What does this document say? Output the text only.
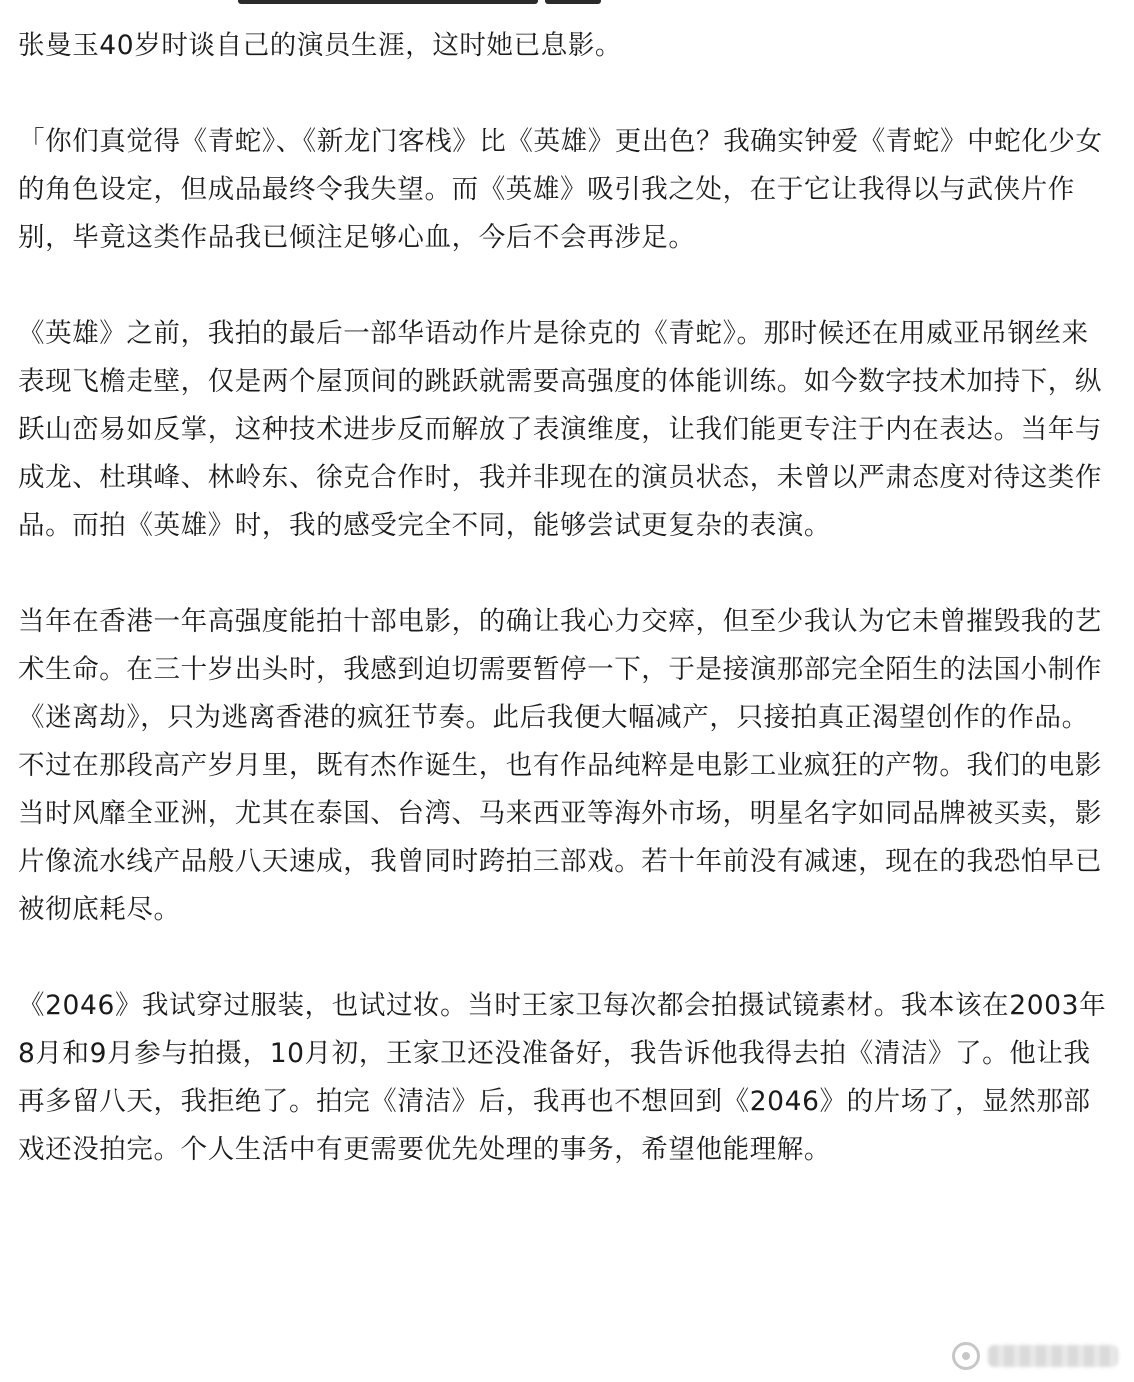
张曼玉40岁时谈自己的演员生涯，这时她已息影。

「你们真觉得《青蛇》、《新龙门客栈》比《英雄》更出色？我确实钟爱《青蛇》中蛇化少女的角色设定，但成品最终令我失望。而《英雄》吸引我之处，在于它让我得以与武侠片作别，毕竟这类作品我已倾注足够心血，今后不会再涉足。

《英雄》之前，我拍的最后一部华语动作片是徐克的《青蛇》。那时候还在用威亚吊钢丝来表现飞檐走壁，仅是两个屋顶间的跳跃就需要高强度的体能训练。如今数字技术加持下，纵跃山峦易如反掌，这种技术进步反而解放了表演维度，让我们能更专注于内在表达。当年与成龙、杜琪峰、林岭东、徐克合作时，我并非现在的演员状态，未曾以严肃态度对待这类作品。而拍《英雄》时，我的感受完全不同，能够尝试更复杂的表演。

当年在香港一年高强度能拍十部电影，的确让我心力交瘁，但至少我认为它未曾摧毁我的艺术生命。在三十岁出头时，我感到迫切需要暂停一下，于是接演那部完全陌生的法国小制作《迷离劫》，只为逃离香港的疯狂节奏。此后我便大幅减产，只接拍真正渴望创作的作品。不过在那段高产岁月里，既有杰作诞生，也有作品纯粹是电影工业疯狂的产物。我们的电影当时风靡全亚洲，尤其在泰国、台湾、马来西亚等海外市场，明星名字如同品牌被买卖，影片像流水线产品般八天速成，我曾同时跨拍三部戏。若十年前没有减速，现在的我恐怕早已被彻底耗尽。

《2046》我试穿过服装，也试过妆。当时王家卫每次都会拍摄试镜素材。我本该在2003年8月和9月参与拍摄，10月初，王家卫还没准备好，我告诉他我得去拍《清洁》了。他让我再多留八天，我拒绝了。拍完《清洁》后，我再也不想回到《2046》的片场了，显然那部戏还没拍完。个人生活中有更需要优先处理的事务，希望他能理解。
